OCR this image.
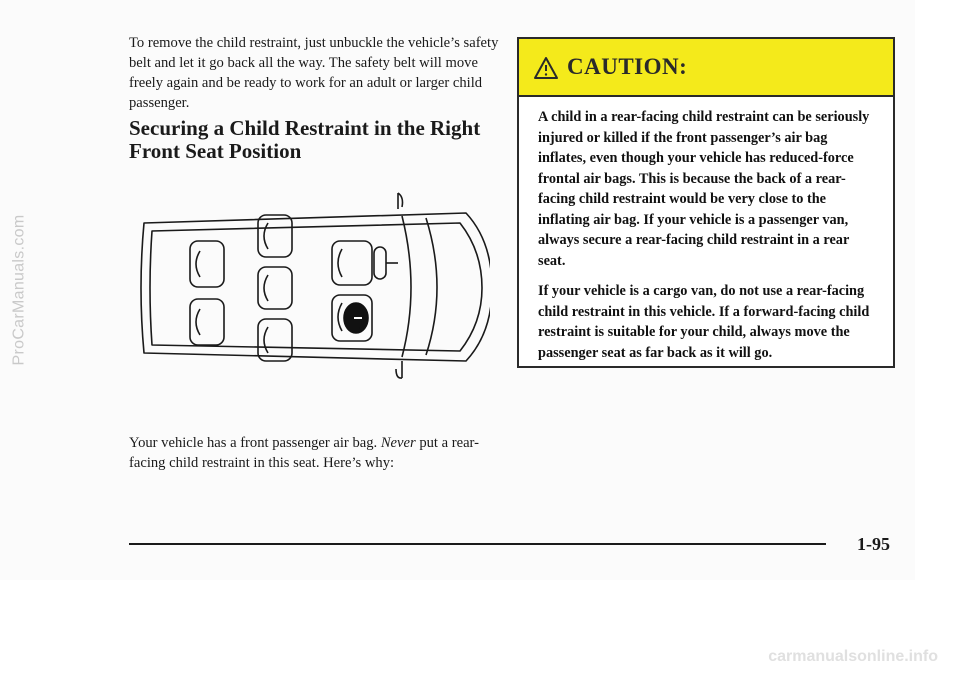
ProCarManuals.com

To remove the child restraint, just unbuckle the vehicle’s safety belt and let it go back all the way. The safety belt will move freely again and be ready to work for an adult or larger child passenger.

Securing a Child Restraint in the Right Front Seat Position

Your vehicle has a front passenger air bag. Never put a rear-facing child restraint in this seat. Here’s why:

CAUTION:

A child in a rear-facing child restraint can be seriously injured or killed if the front passenger’s air bag inflates, even though your vehicle has reduced-force frontal air bags. This is because the back of a rear-facing child restraint would be very close to the inflating air bag. If your vehicle is a passenger van, always secure a rear-facing child restraint in a rear seat.

If your vehicle is a cargo van, do not use a rear-facing child restraint in this vehicle. If a forward-facing child restraint is suitable for your child, always move the passenger seat as far back as it will go.

1-95

carmanualsonline.info
